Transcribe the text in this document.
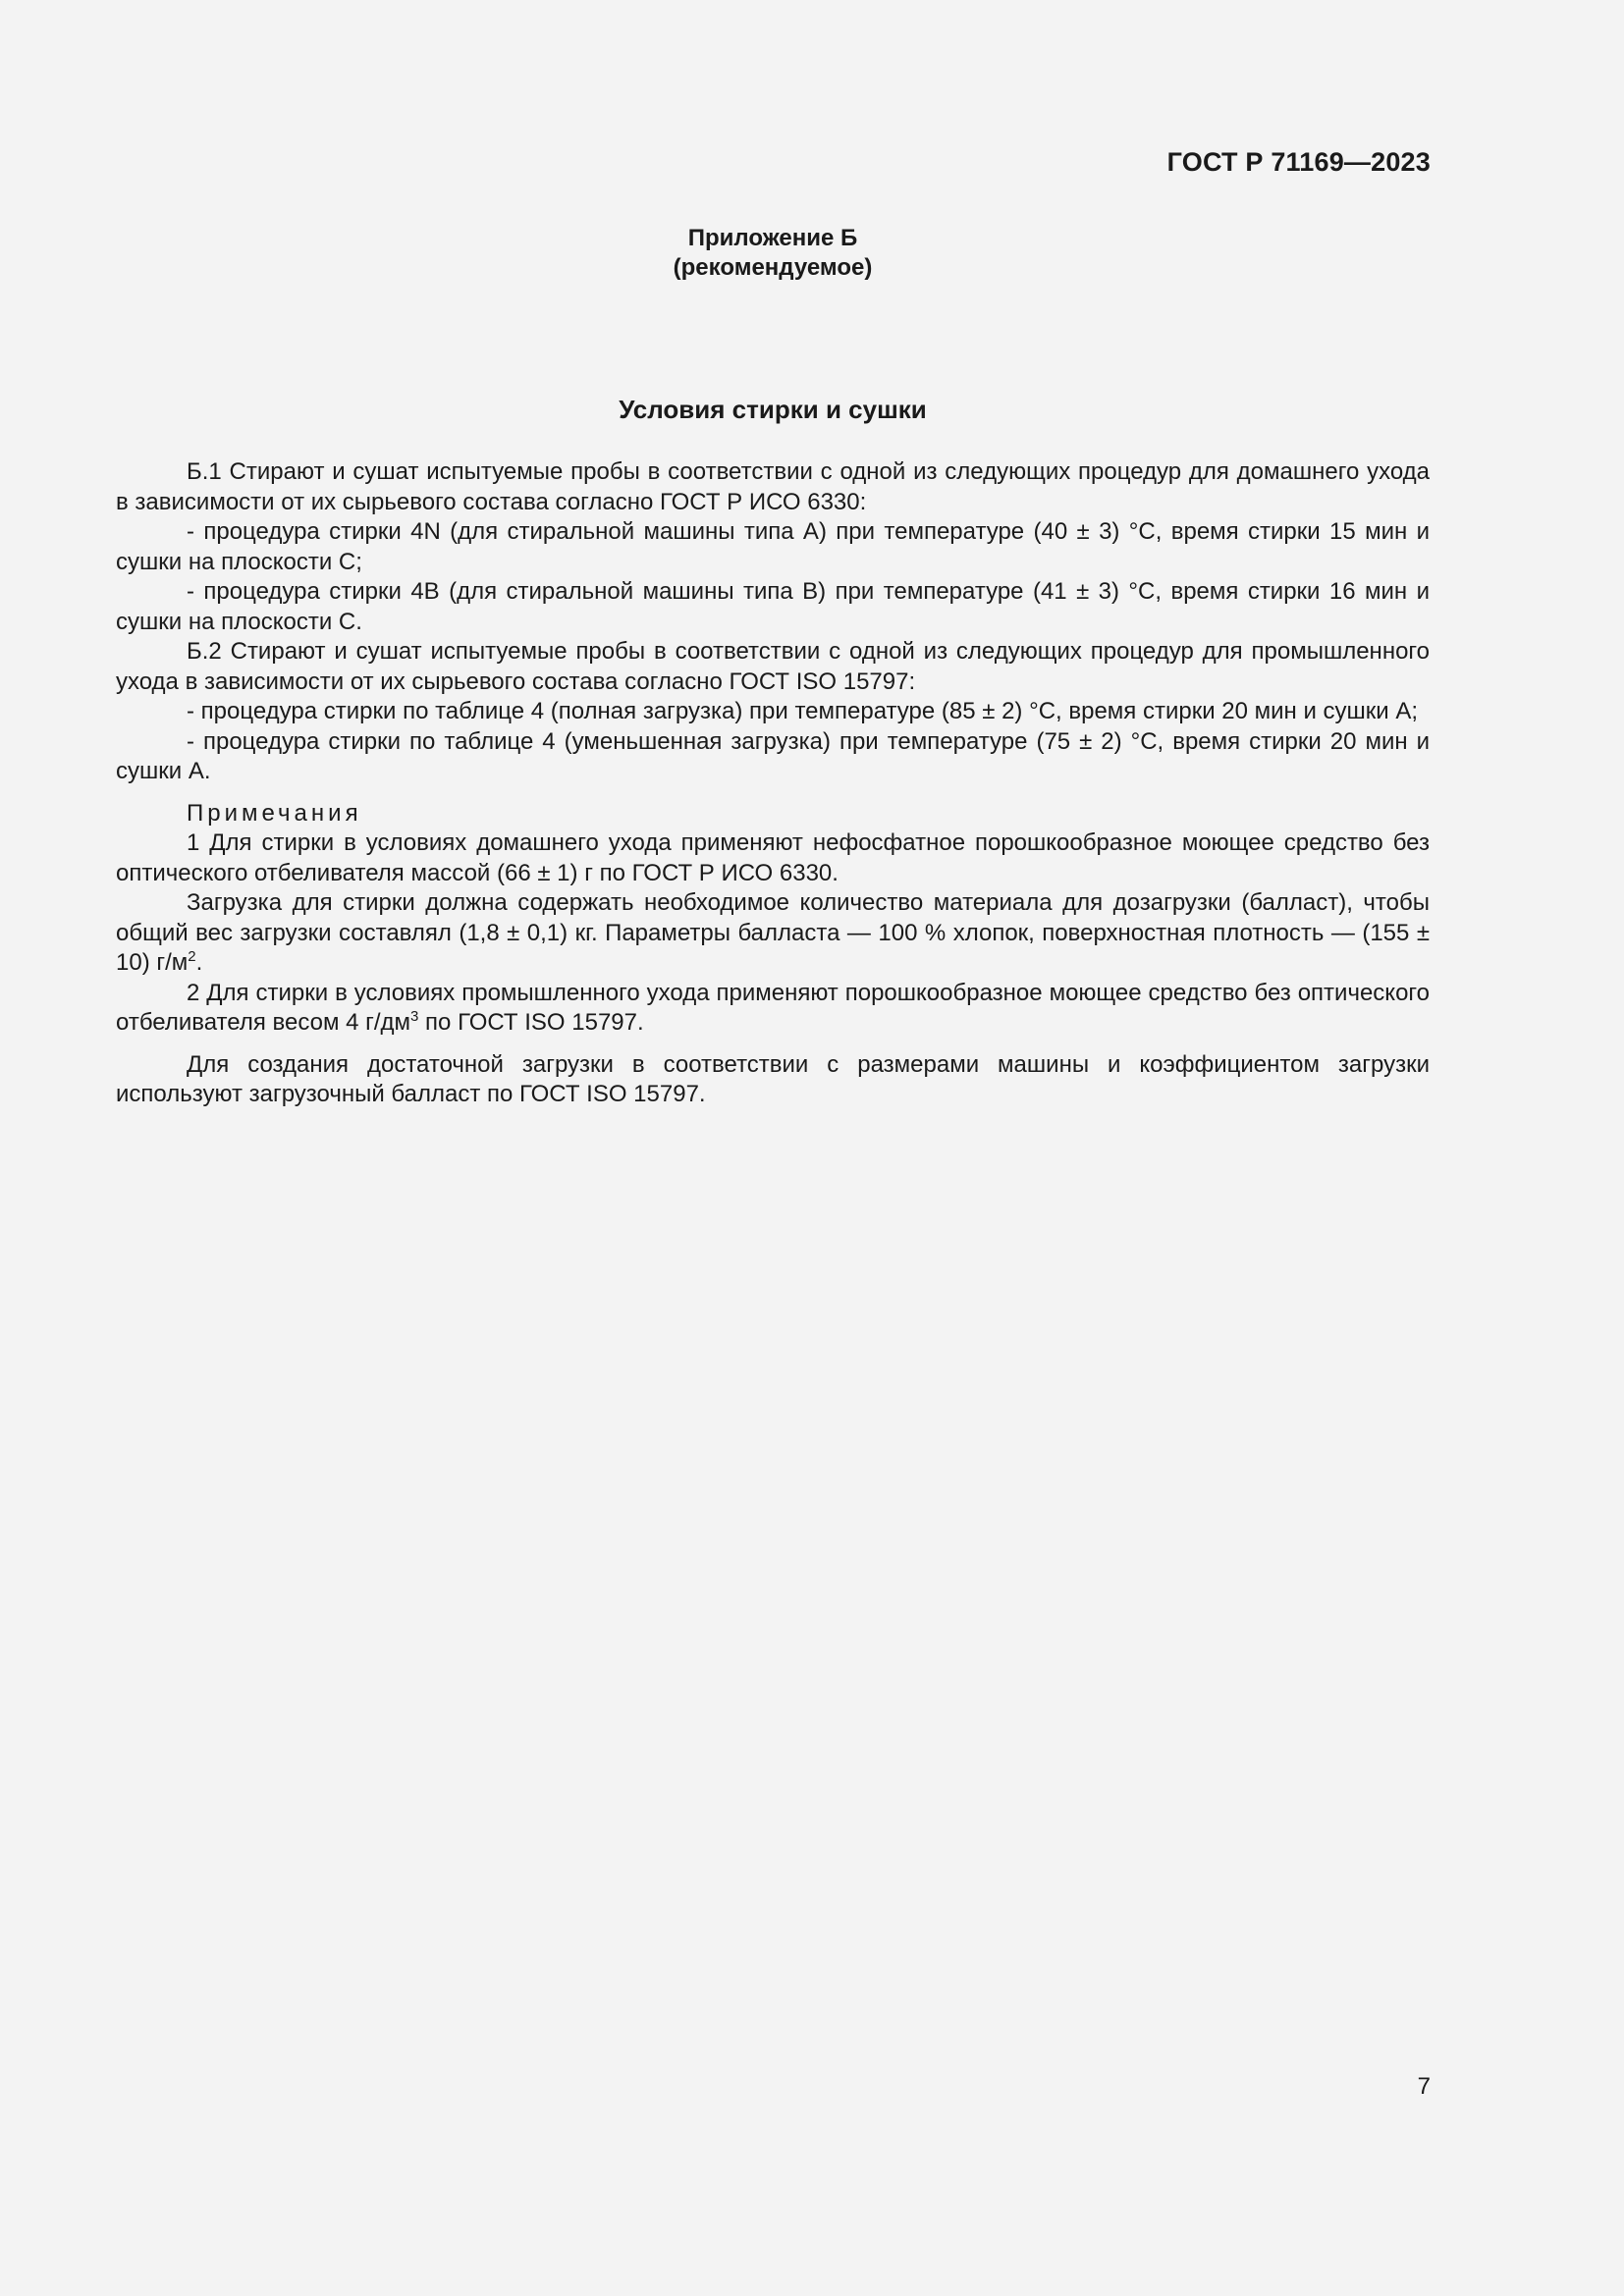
ГОСТ Р 71169—2023
Приложение Б
(рекомендуемое)
Условия стирки и сушки

Б.1 Стирают и сушат испытуемые пробы в соответствии с одной из следующих процедур для домашнего ухода в зависимости от их сырьевого состава согласно ГОСТ Р ИСО 6330:

- процедура стирки 4N (для стиральной машины типа А) при температуре (40 ± 3) °С, время стирки 15 мин и сушки на плоскости С;

- процедура стирки 4В (для стиральной машины типа В) при температуре (41 ± 3) °С, время стирки 16 мин и сушки на плоскости С.

Б.2 Стирают и сушат испытуемые пробы в соответствии с одной из следующих процедур для промышленного ухода в зависимости от их сырьевого состава согласно ГОСТ ISO 15797:

- процедура стирки по таблице 4 (полная загрузка) при температуре (85 ± 2) °С, время стирки 20 мин и сушки А;

- процедура стирки по таблице 4 (уменьшенная загрузка) при температуре (75 ± 2) °С, время стирки 20 мин и сушки А.

Примечания

1 Для стирки в условиях домашнего ухода применяют нефосфатное порошкообразное моющее средство без оптического отбеливателя массой (66 ± 1) г по ГОСТ Р ИСО 6330.

Загрузка для стирки должна содержать необходимое количество материала для дозагрузки (балласт), чтобы общий вес загрузки составлял (1,8 ± 0,1) кг. Параметры балласта — 100 % хлопок, поверхностная плотность — (155 ± 10) $г/м^2$.

2 Для стирки в условиях промышленного ухода применяют порошкообразное моющее средство без оптического отбеливателя весом 4 $г/дм^3$ по ГОСТ ISO 15797.

Для создания достаточной загрузки в соответствии с размерами машины и коэффициентом загрузки используют загрузочный балласт по ГОСТ ISO 15797.

7
